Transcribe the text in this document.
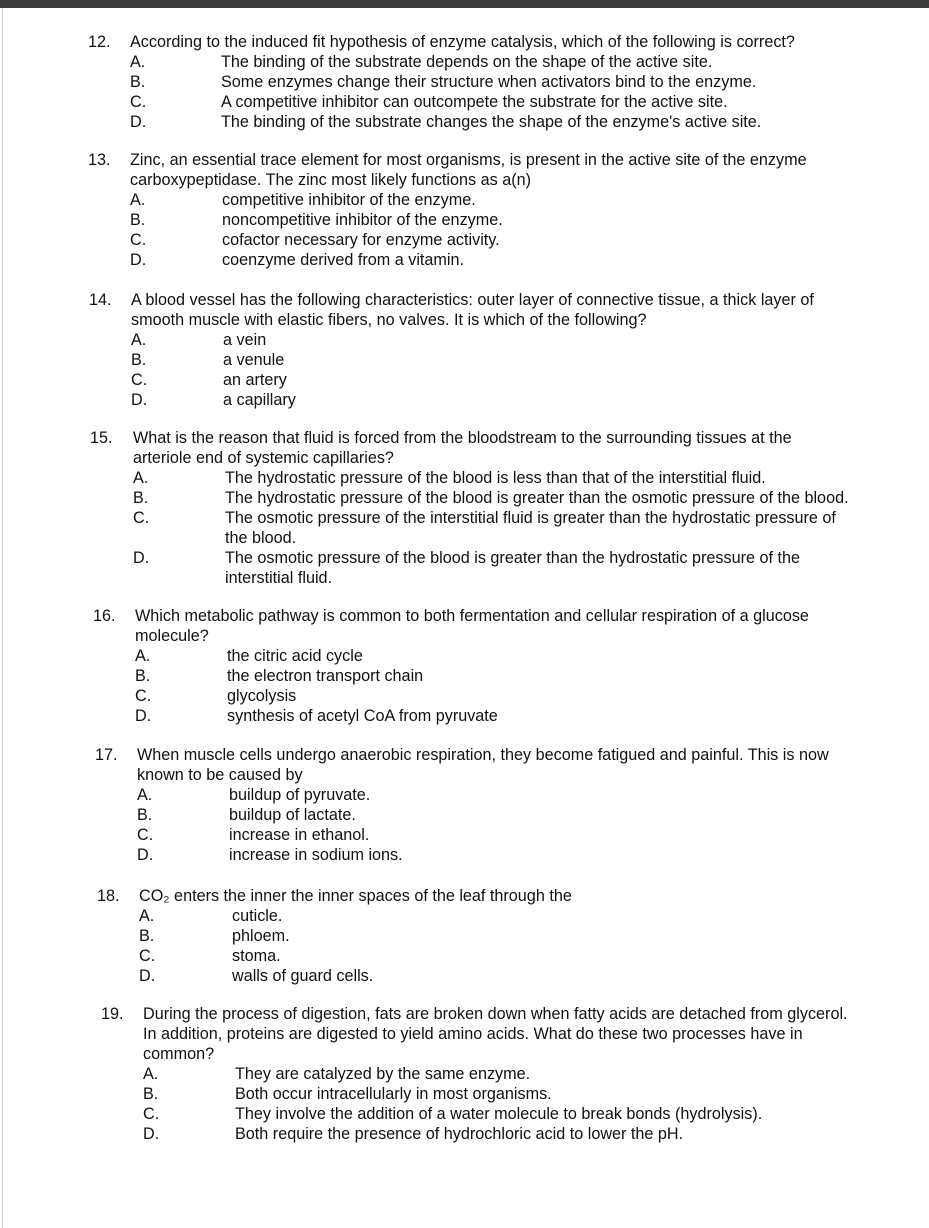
12. According to the induced fit hypothesis of enzyme catalysis, which of the following is correct?
A.	The binding of the substrate depends on the shape of the active site.
B.	Some enzymes change their structure when activators bind to the enzyme.
C.	A competitive inhibitor can outcompete the substrate for the active site.
D.	The binding of the substrate changes the shape of the enzyme's active site.
13. Zinc, an essential trace element for most organisms, is present in the active site of the enzyme
carboxypeptidase. The zinc most likely functions as a(n)
A.	competitive inhibitor of the enzyme.
B.	noncompetitive inhibitor of the enzyme.
C.	cofactor necessary for enzyme activity.
D.	coenzyme derived from a vitamin.
14. A blood vessel has the following characteristics: outer layer of connective tissue, a thick layer of
smooth muscle with elastic fibers, no valves. It is which of the following?
A.	a vein
B.	a venule
C.	an artery
D.	a capillary
15. What is the reason that fluid is forced from the bloodstream to the surrounding tissues at the
arteriole end of systemic capillaries?
A.	The hydrostatic pressure of the blood is less than that of the interstitial fluid.
B.	The hydrostatic pressure of the blood is greater than the osmotic pressure of the blood.
C.	The osmotic pressure of the interstitial fluid is greater than the hydrostatic pressure of
the blood.
D.	The osmotic pressure of the blood is greater than the hydrostatic pressure of the
interstitial fluid.
16. Which metabolic pathway is common to both fermentation and cellular respiration of a glucose
molecule?
A.	the citric acid cycle
B.	the electron transport chain
C.	glycolysis
D.	synthesis of acetyl CoA from pyruvate
17. When muscle cells undergo anaerobic respiration, they become fatigued and painful. This is now
known to be caused by
A.	buildup of pyruvate.
B.	buildup of lactate.
C.	increase in ethanol.
D.	increase in sodium ions.
18. CO₂ enters the inner the inner spaces of the leaf through the
A.	cuticle.
B.	phloem.
C.	stoma.
D.	walls of guard cells.
19. During the process of digestion, fats are broken down when fatty acids are detached from glycerol.
In addition, proteins are digested to yield amino acids. What do these two processes have in
common?
A.	They are catalyzed by the same enzyme.
B.	Both occur intracellularly in most organisms.
C.	They involve the addition of a water molecule to break bonds (hydrolysis).
D.	Both require the presence of hydrochloric acid to lower the pH.
